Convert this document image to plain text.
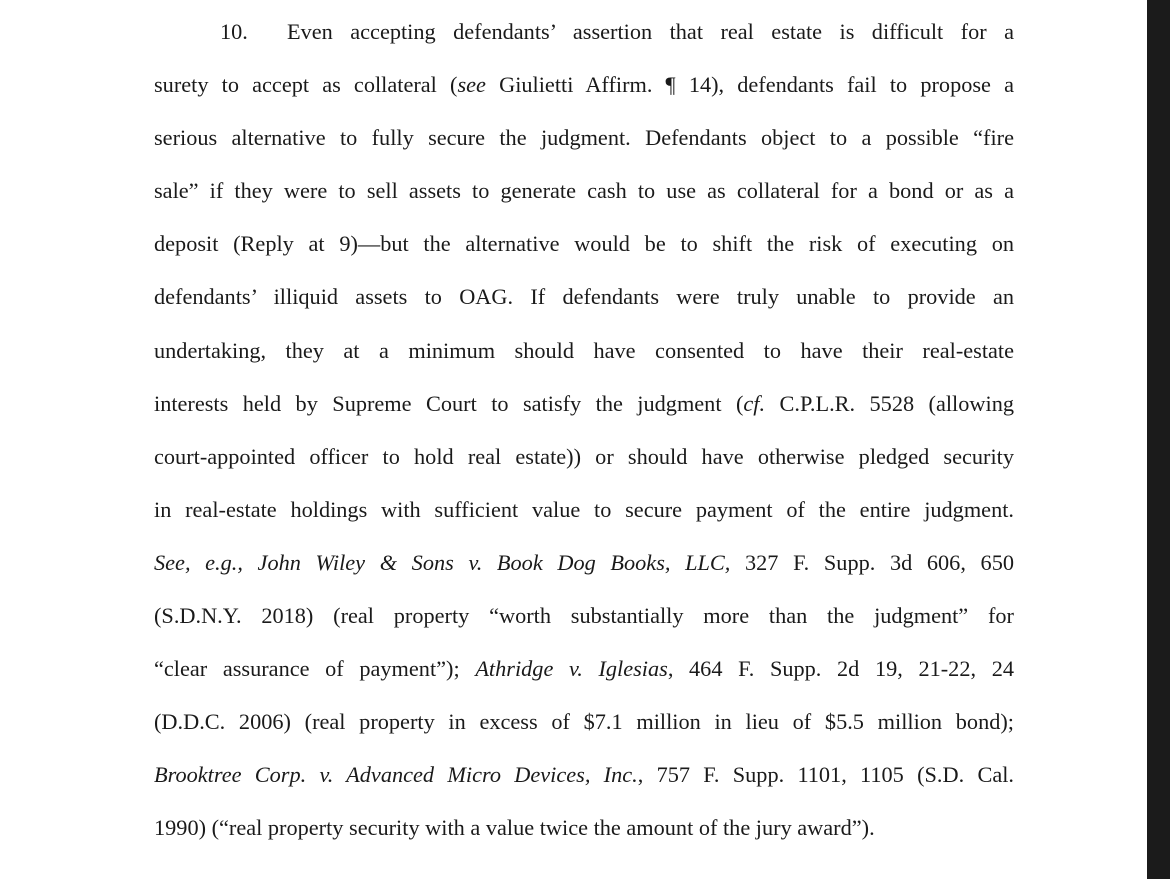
10. Even accepting defendants’ assertion that real estate is difficult for a
surety to accept as collateral (see Giulietti Affirm. ¶ 14), defendants fail to propose a
serious alternative to fully secure the judgment. Defendants object to a possible “fire
sale” if they were to sell assets to generate cash to use as collateral for a bond or as a
deposit (Reply at 9)—but the alternative would be to shift the risk of executing on
defendants’ illiquid assets to OAG. If defendants were truly unable to provide an
undertaking, they at a minimum should have consented to have their real-estate
interests held by Supreme Court to satisfy the judgment (cf. C.P.L.R. 5528 (allowing
court-appointed officer to hold real estate)) or should have otherwise pledged security
in real-estate holdings with sufficient value to secure payment of the entire judgment.
See, e.g., John Wiley & Sons v. Book Dog Books, LLC, 327 F. Supp. 3d 606, 650
(S.D.N.Y. 2018) (real property “worth substantially more than the judgment” for
“clear assurance of payment”); Athridge v. Iglesias, 464 F. Supp. 2d 19, 21-22, 24
(D.D.C. 2006) (real property in excess of $7.1 million in lieu of $5.5 million bond);
Brooktree Corp. v. Advanced Micro Devices, Inc., 757 F. Supp. 1101, 1105 (S.D. Cal.
1990) (“real property security with a value twice the amount of the jury award”).
